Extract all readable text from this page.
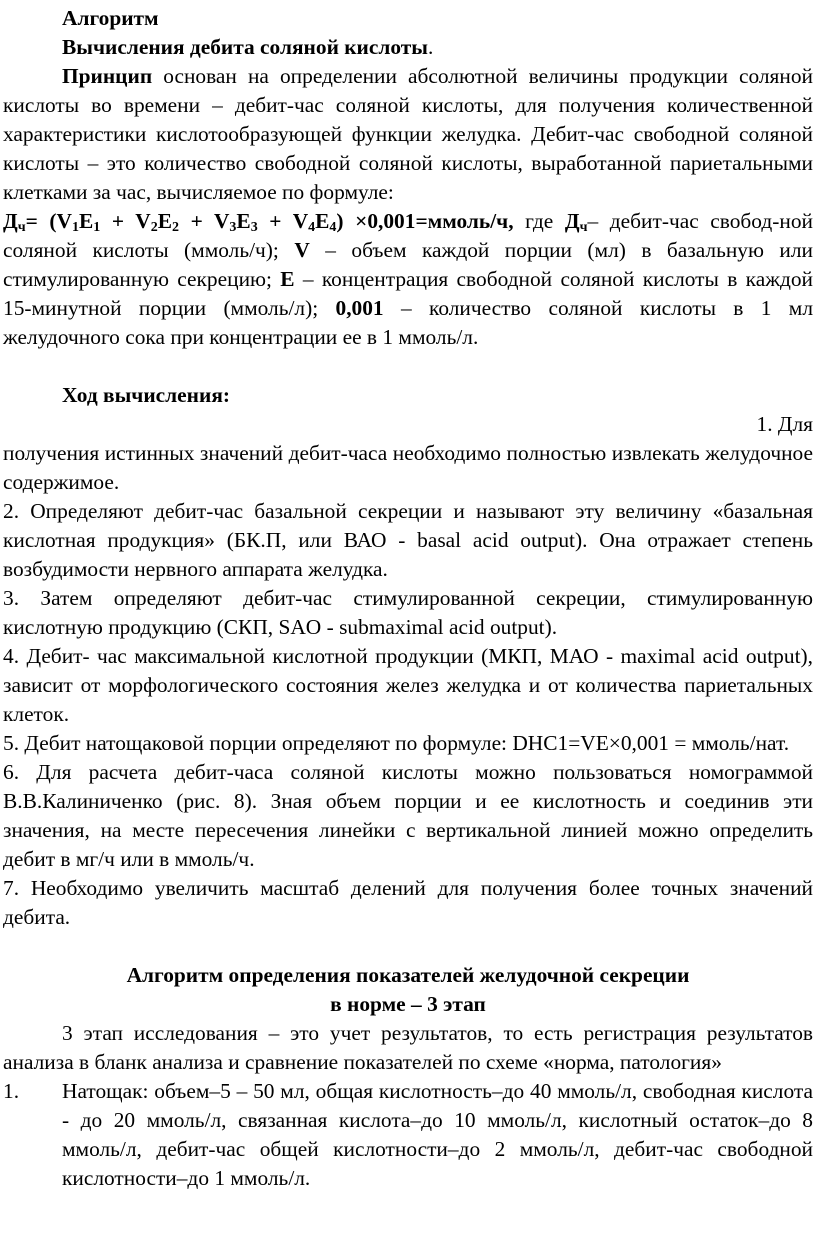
Алгоритм

Вычисления дебита соляной кислоты.

Принцип основан на определении абсолютной величины продукции соляной кислоты во времени – дебит-час соляной кислоты, для получения количественной характеристики кислотообразующей функции желудка. Дебит-час свободной соляной кислоты – это количество свободной соляной кислоты, выработанной париетальными клетками за час, вычисляемое по формуле:

$Д_ч= (V_1E_1 + V_2E_2 + V_3E_3 + V_4E_4)$ ×0,001=ммоль/ч, где $Д_ч-$ дебит-час свобод-ной соляной кислоты (ммоль/ч); V – объем каждой порции (мл) в базальную или стимулированную секрецию; E – концентрация свободной соляной кислоты в каждой 15-минутной порции (ммоль/л); 0,001 – количество соляной кислоты в 1 мл желудочного сока при концентрации ее в 1 ммоль/л.

Ход вычисления:

1. Для

получения истинных значений дебит-часа необходимо полностью извлекать желудочное содержимое.

2. Определяют дебит-час базальной секреции и называют эту величину «базальная кислотная продукция» (БК.П, или ВАО - basal acid output). Она отражает степень возбудимости нервного аппарата желудка.

3. Затем определяют дебит-час стимулированной секреции, стимулированную кислотную продукцию (СКП, SAO - submaximal acid output).

4. Дебит- час максимальной кислотной продукции (МКП, МАО - maximal acid output), зависит от морфологического состояния желез желудка и от количества париетальных клеток.

5. Дебит натощаковой порции определяют по формуле: DHC1=VE×0,001 = ммоль/нат.

6. Для расчета дебит-часа соляной кислоты можно пользоваться номограммой В.В.Калиниченко (рис. 8). Зная объем порции и ее кислотность и соединив эти значения, на месте пересечения линейки с вертикальной линией можно определить дебит в мг/ч или в ммоль/ч.

7. Необходимо увеличить масштаб делений для получения более точных значений дебита.

Алгоритм определения показателей желудочной секреции

в норме – 3 этап

3 этап исследования – это учет результатов, то есть регистрация результатов анализа в бланк анализа и сравнение показателей по схеме «норма, патология»

1.	Натощак: объем–5 – 50 мл, общая кислотность–до 40 ммоль/л, свободная кислота - до 20 ммоль/л, связанная кислота–до 10 ммоль/л, кислотный остаток–до 8 ммоль/л, дебит-час общей кислотности–до 2 ммоль/л, дебит-час свободной кислотности–до 1 ммоль/л.
